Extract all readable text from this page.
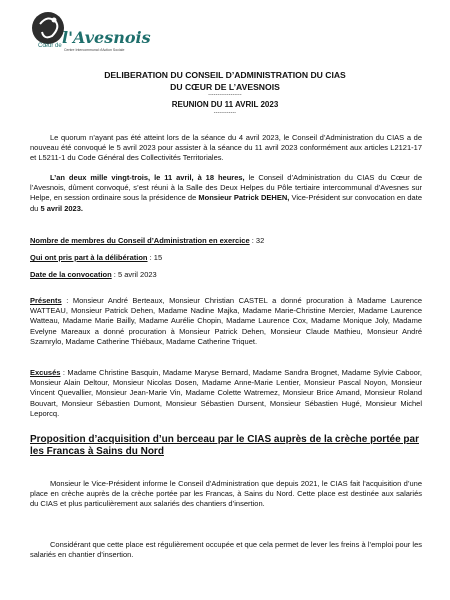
Cœur de l'Avesnois
Centre Intercommunal d'Action Sociale
DELIBERATION DU CONSEIL D’ADMINISTRATION DU CIAS
DU CŒUR DE L’AVESNOIS
------------------
REUNION DU 11 AVRIL 2023
------------
Le quorum n’ayant pas été atteint lors de la séance du 4 avril 2023, le Conseil d’Administration du CIAS a de nouveau été convoqué le 5 avril 2023 pour assister à la séance du 11 avril 2023 conformément aux articles L2121-17 et L5211-1 du Code Général des Collectivités Territoriales.
L’an deux mille vingt-trois, le 11 avril, à 18 heures, le Conseil d’Administration du CIAS du Cœur de l’Avesnois, dûment convoqué, s’est réuni à la Salle des Deux Helpes du Pôle tertiaire intercommunal d’Avesnes sur Helpe, en session ordinaire sous la présidence de Monsieur Patrick DEHEN, Vice-Président sur convocation en date du 5 avril 2023.
Nombre de membres du Conseil d’Administration en exercice : 32
Qui ont pris part à la délibération : 15
Date de la convocation : 5 avril 2023
Présents : Monsieur André Berteaux, Monsieur Christian CASTEL a donné procuration à Madame Laurence WATTEAU, Monsieur Patrick Dehen, Madame Nadine Majka, Madame Marie-Christine Mercier, Madame Laurence Watteau, Madame Marie Bailly, Madame Aurélie Chopin, Madame Laurence Cox, Madame Monique Joly, Madame Evelyne Mareaux a donné procuration à Monsieur Patrick Dehen, Monsieur Claude Mathieu, Monsieur André Szamrylo, Madame Catherine Thiébaux, Madame Catherine Triquet.
Excusés : Madame Christine Basquin, Madame Maryse Bernard, Madame Sandra Brognet, Madame Sylvie Caboor, Monsieur Alain Deltour, Monsieur Nicolas Dosen, Madame Anne-Marie Lentier, Monsieur Pascal Noyon, Monsieur Vincent Quevallier, Monsieur Jean-Marie Vin, Madame Colette Watremez, Monsieur Brice Amand, Monsieur Roland Bouvart, Monsieur Sébastien Dumont, Monsieur Sébastien Dursent, Monsieur Sébastien Hugé, Monsieur Michel Leporcq.
Proposition d’acquisition d’un berceau par le CIAS auprès de la crèche portée par les Francas à Sains du Nord
Monsieur le Vice-Président informe le Conseil d’Administration que depuis 2021, le CIAS fait l’acquisition d’une place en crèche auprès de la crèche portée par les Francas, à Sains du Nord. Cette place est destinée aux salariés du CIAS et plus particulièrement aux salariés des chantiers d’insertion.
Considérant que cette place est régulièrement occupée et que cela permet de lever les freins à l’emploi pour les salariés en chantier d’insertion.
